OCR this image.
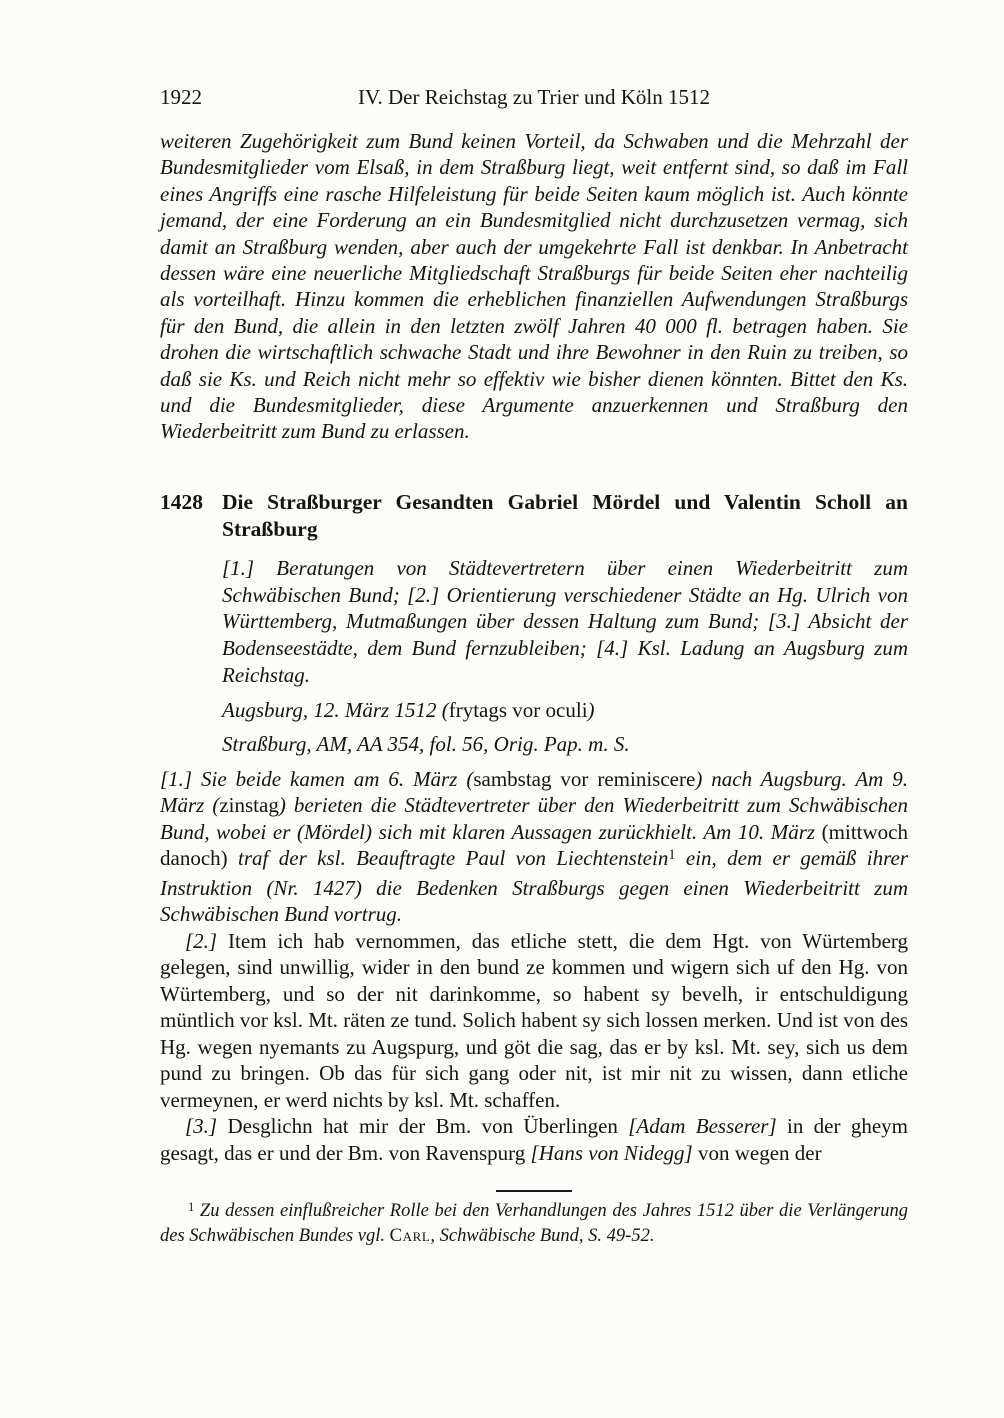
1922	IV. Der Reichstag zu Trier und Köln 1512

weiteren Zugehörigkeit zum Bund keinen Vorteil, da Schwaben und die Mehrzahl der Bundesmitglieder vom Elsaß, in dem Straßburg liegt, weit entfernt sind, so daß im Fall eines Angriffs eine rasche Hilfeleistung für beide Seiten kaum möglich ist. Auch könnte jemand, der eine Forderung an ein Bundesmitglied nicht durchzusetzen vermag, sich damit an Straßburg wenden, aber auch der umgekehrte Fall ist denkbar. In Anbetracht dessen wäre eine neuerliche Mitgliedschaft Straßburgs für beide Seiten eher nachteilig als vorteilhaft. Hinzu kommen die erheblichen finanziellen Aufwendungen Straßburgs für den Bund, die allein in den letzten zwölf Jahren 40 000 fl. betragen haben. Sie drohen die wirtschaftlich schwache Stadt und ihre Bewohner in den Ruin zu treiben, so daß sie Ks. und Reich nicht mehr so effektiv wie bisher dienen könnten. Bittet den Ks. und die Bundesmitglieder, diese Argumente anzuerkennen und Straßburg den Wiederbeitritt zum Bund zu erlassen.

1428 Die Straßburger Gesandten Gabriel Mördel und Valentin Scholl an Straßburg

[1.] Beratungen von Städtevertretern über einen Wiederbeitritt zum Schwäbischen Bund; [2.] Orientierung verschiedener Städte an Hg. Ulrich von Württemberg, Mutmaßungen über dessen Haltung zum Bund; [3.] Absicht der Bodenseestädte, dem Bund fernzubleiben; [4.] Ksl. Ladung an Augsburg zum Reichstag.

Augsburg, 12. März 1512 (frytags vor oculi)

Straßburg, AM, AA 354, fol. 56, Orig. Pap. m. S.

[1.] Sie beide kamen am 6. März (sambstag vor reminiscere) nach Augsburg. Am 9. März (zinstag) berieten die Städtevertreter über den Wiederbeitritt zum Schwäbischen Bund, wobei er (Mördel) sich mit klaren Aussagen zurückhielt. Am 10. März (mittwoch danoch) traf der ksl. Beauftragte Paul von Liechtenstein$^1$ ein, dem er gemäß ihrer Instruktion (Nr. 1427) die Bedenken Straßburgs gegen einen Wiederbeitritt zum Schwäbischen Bund vortrug.

[2.] Item ich hab vernommen, das etliche stett, die dem Hgt. von Würtemberg gelegen, sind unwillig, wider in den bund ze kommen und wigern sich uf den Hg. von Würtemberg, und so der nit darinkomme, so habent sy bevelh, ir entschuldigung müntlich vor ksl. Mt. räten ze tund. Solich habent sy sich lossen merken. Und ist von des Hg. wegen nyemants zu Augspurg, und göt die sag, das er by ksl. Mt. sey, sich us dem pund zu bringen. Ob das für sich gang oder nit, ist mir nit zu wissen, dann etliche vermeynen, er werd nichts by ksl. Mt. schaffen.

[3.] Desglichn hat mir der Bm. von Überlingen [Adam Besserer] in der gheym gesagt, das er und der Bm. von Ravenspurg [Hans von Nidegg] von wegen der

$^1$ Zu dessen einflußreicher Rolle bei den Verhandlungen des Jahres 1512 über die Verlängerung des Schwäbischen Bundes vgl. Carl, Schwäbische Bund, S. 49-52.
